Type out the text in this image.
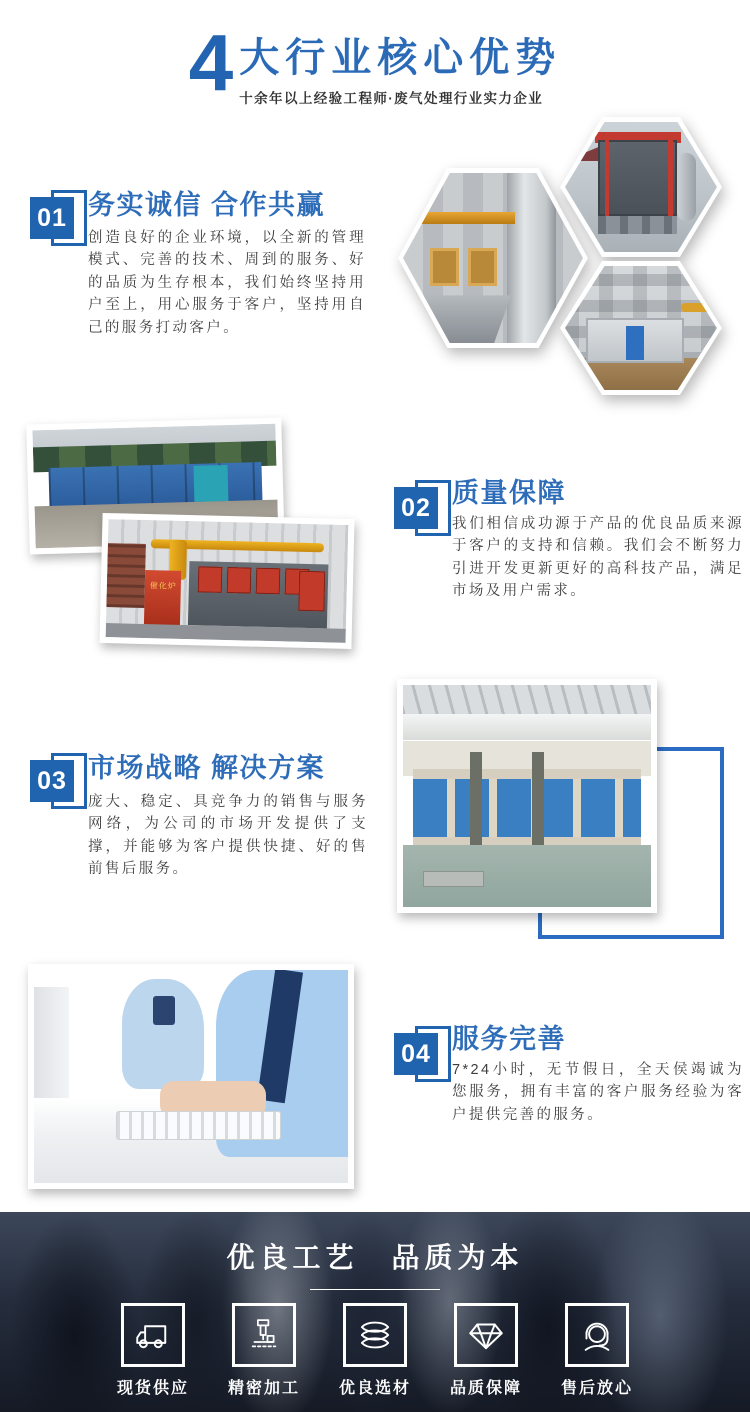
4 大行业核心优势
十余年以上经验工程师·废气处理行业实力企业
01 务实诚信 合作共赢

创造良好的企业环境，以全新的管理模式、完善的技术、周到的服务、好的品质为生存根本，我们始终坚持用户至上，用心服务于客户，坚持用自己的服务打动客户。

催化炉
02 质量保障

我们相信成功源于产品的优良品质来源于客户的支持和信赖。我们会不断努力引进开发更新更好的高科技产品，满足市场及用户需求。

03 市场战略 解决方案

庞大、稳定、具竞争力的销售与服务网络，为公司的市场开发提供了支撑，并能够为客户提供快捷、好的售前售后服务。

04 服务完善

7*24小时，无节假日，全天侯竭诚为您服务，拥有丰富的客户服务经验为客户提供完善的服务。

优良工艺　品质为本
现货供应 精密加工 优良选材 品质保障 售后放心
